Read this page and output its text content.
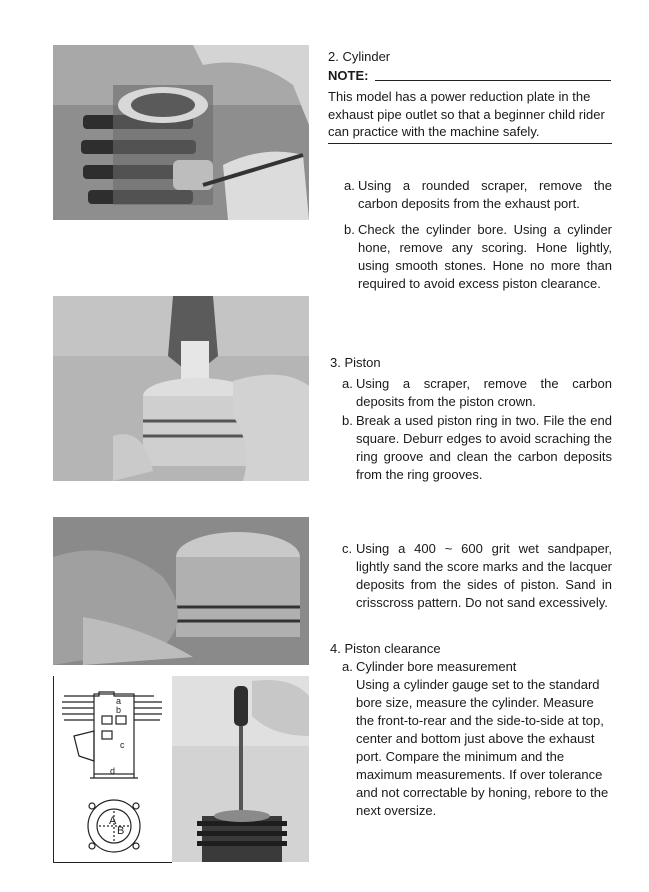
a
b
c
d
A
B
2. Cylinder
NOTE:
This model has a power reduction plate in the exhaust pipe outlet so that a beginner child rider can practice with the machine safely.
a. Using a rounded scraper, remove the carbon deposits from the exhaust port.
b. Check the cylinder bore. Using a cylinder hone, remove any scoring. Hone lightly, using smooth stones. Hone no more than required to avoid excess piston clearance.
3. Piston
a. Using a scraper, remove the carbon deposits from the piston crown.
b. Break a used piston ring in two. File the end square. Deburr edges to avoid scraching the ring groove and clean the carbon deposits from the ring grooves.
c. Using a 400 ~ 600 grit wet sandpaper, lightly sand the score marks and the lacquer deposits from the sides of piston. Sand in crisscross pattern. Do not sand excessively.
4. Piston clearance
a. Cylinder bore measurement
Using a cylinder gauge set to the standard bore size, measure the cylinder. Measure the front-to-rear and the side-to-side at top, center and bottom just above the exhaust port. Compare the minimum and the maximum measurements. If over tolerance and not correctable by honing, rebore to the next oversize.
